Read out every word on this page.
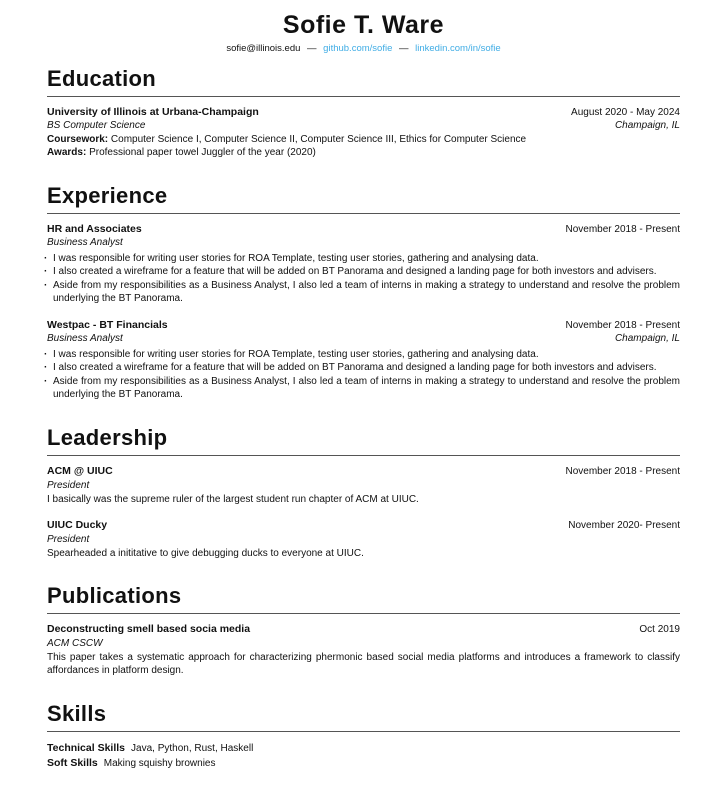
Sofie T. Ware
sofie@illinois.edu — github.com/sofie — linkedin.com/in/sofie
Education
University of Illinois at Urbana-Champaign	August 2020 - May 2024
BS Computer Science	Champaign, IL
Coursework: Computer Science I, Computer Science II, Computer Science III, Ethics for Computer Science
Awards: Professional paper towel Juggler of the year (2020)
Experience
HR and Associates	November 2018 - Present
Business Analyst
· I was responsible for writing user stories for ROA Template, testing user stories, gathering and analysing data.
· I also created a wireframe for a feature that will be added on BT Panorama and designed a landing page for both investors and advisers.
· Aside from my responsibilities as a Business Analyst, I also led a team of interns in making a strategy to understand and resolve the problem underlying the BT Panorama.
Westpac - BT Financials	November 2018 - Present
Business Analyst	Champaign, IL
· I was responsible for writing user stories for ROA Template, testing user stories, gathering and analysing data.
· I also created a wireframe for a feature that will be added on BT Panorama and designed a landing page for both investors and advisers.
· Aside from my responsibilities as a Business Analyst, I also led a team of interns in making a strategy to understand and resolve the problem underlying the BT Panorama.
Leadership
ACM @ UIUC	November 2018 - Present
President
I basically was the supreme ruler of the largest student run chapter of ACM at UIUC.
UIUC Ducky	November 2020- Present
President
Spearheaded a inititative to give debugging ducks to everyone at UIUC.
Publications
Deconstructing smell based socia media	Oct 2019
ACM CSCW
This paper takes a systematic approach for characterizing phermonic based social media platforms and introduces a framework to classify affordances in platform design.
Skills
Technical Skills Java, Python, Rust, Haskell
Soft Skills Making squishy brownies
